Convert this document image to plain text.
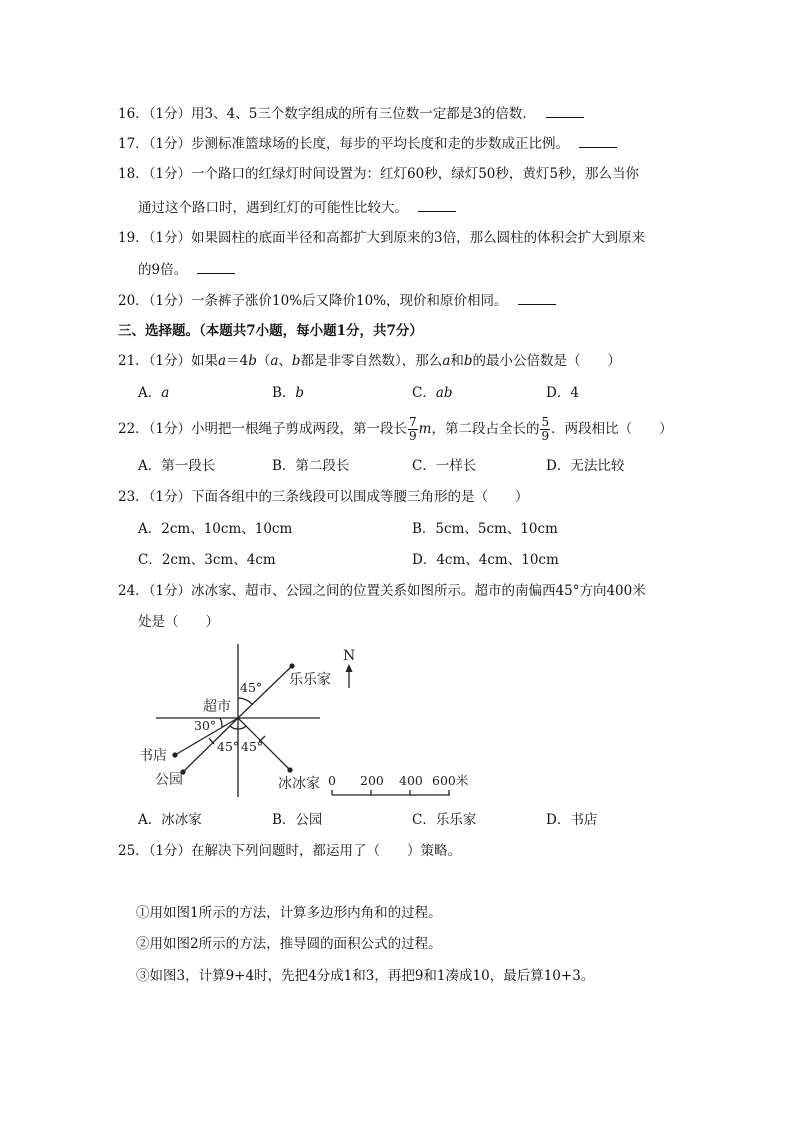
16．（1分）用3、4、5三个数字组成的所有三位数一定都是3的倍数．
17．（1分）步测标准篮球场的长度，每步的平均长度和走的步数成正比例。
18．（1分）一个路口的红绿灯时间设置为：红灯60秒，绿灯50秒，黄灯5秒，那么当你
通过这个路口时，遇到红灯的可能性比较大。
19．（1分）如果圆柱的底面半径和高都扩大到原来的3倍，那么圆柱的体积会扩大到原来
的9倍。
20．（1分）一条裤子涨价10%后又降价10%，现价和原价相同。
三、选择题。（本题共7小题，每小题1分，共7分）
21．（1分）如果a＝4b（a、b都是非零自然数），那么a和b的最小公倍数是（　　）
A．a	B．b	C．ab	D．4
22．（1分）小明把一根绳子剪成两段，第一段长 $\frac{7}{9}$ m，第二段占全长的 $\frac{5}{9}$ ．两段相比（　　）
A．第一段长	B．第二段长	C．一样长	D．无法比较
23．（1分）下面各组中的三条线段可以围成等腰三角形的是（　　）
A．2cm、10cm、10cm	B．5cm、5cm、10cm
C．2cm、3cm、4cm	D．4cm、4cm、10cm
24．（1分）冰冰家、超市、公园之间的位置关系如图所示。超市的南偏西45°方向400米
处是（　　）
N
超市
乐乐家
书店
公园	冰冰家
45°
30°
45° 45°
0 200 400 600米
A．冰冰家	B．公园	C．乐乐家	D．书店
25．（1分）在解决下列问题时，都运用了（　　）策略。
①用如图1所示的方法，计算多边形内角和的过程。
②用如图2所示的方法，推导圆的面积公式的过程。
③如图3，计算9+4时，先把4分成1和3，再把9和1凑成10，最后算10+3。
